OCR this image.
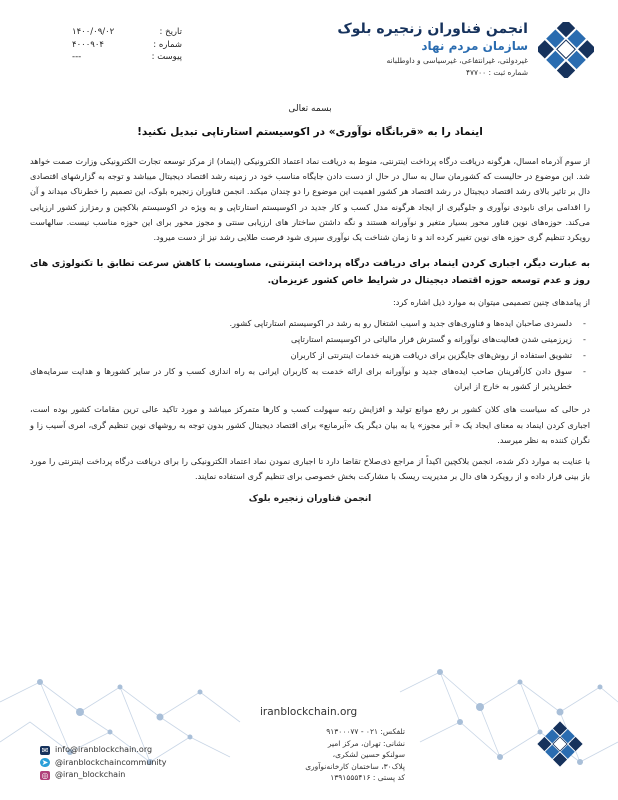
انجمن فناوران زنجیره بلوک
سازمان مردم نهاد
غیردولتی، غیرانتفاعی، غیرسیاسی و داوطلبانه
شماره ثبت : ۴۷۷۰۰
تاریخ :
۱۴۰۰/۰۹/۰۲
شماره :
۴۰۰۰۹۰۴
پیوست :
---
بسمه تعالی
اینماد را به «قربانگاه نوآوری» در اکوسیستم استارتاپی تبدیل نکنید!

از سوم آذرماه امسال، هرگونه دریافت درگاه پرداخت اینترنتی، منوط به دریافت نماد اعتماد الکترونیکی (اینماد) از مرکز توسعه تجارت الکترونیکی وزارت صمت خواهد شد. این موضوع در حالیست که کشورمان سال به سال در حال از دست دادن جایگاه مناسب خود در زمینه رشد اقتصاد دیجیتال میباشد و توجه به گزارشهای اقتصادی دال بر تاثیر بالای رشد اقتصاد دیجیتال در رشد اقتصاد هر کشور اهمیت این موضوع را دو چندان میکند. انجمن فناوران زنجیره بلوک، این تصمیم را خطرناک میداند و آن را اقدامی برای نابودی نوآوری و جلوگیری از ایجاد هرگونه مدل کسب و کار جدید در اکوسیستم استارتاپی و به ویژه در اکوسیستم بلاکچین و رمزارز کشور ارزیابی می‌کند. حوزه‌های نوین فناور محور بسیار متغیر و نوآورانه هستند و نگه داشتن ساختار های ارزیابی سنتی و مجوز محور برای این حوزه مناسب نیست. سالهاست رویکرد تنظیم گری حوزه های نوین تغییر کرده اند و تا زمان شناخت یک نوآوری سپری شود فرصت طلایی رشد نیز از دست میرود.

به عبارت دیگر، اجباری کردن اینماد برای دریافت درگاه پرداخت اینترنتی، مساویست با کاهش سرعت تطابق با تکنولوژی های روز و عدم توسعه حوزه اقتصاد دیجیتال در شرایط خاص کشور عزیزمان.

از پیامدهای چنین تصمیمی میتوان به موارد ذیل اشاره کرد:

-
دلسردی صاحبان ایده‌ها و فناوری‌های جدید و اسیب اشتغال رو به رشد در اکوسیستم استارتاپی کشور.
-
زیرزمینی شدن فعالیت‌های نوآورانه و گسترش فرار مالیاتی در اکوسیستم استارتاپی
-
تشویق استفاده از روش‌های جایگزین برای دریافت هزینه خدمات اینترنتی از کاربران
-
سوق دادن کارآفرینان صاحب ایده‌های جدید و نوآورانه برای ارائه خدمت به کاربران ایرانی به راه اندازی کسب و کار در سایر کشورها و هدایت سرمایه‌های خطرپذیر از کشور به خارج از ایران

در حالی که سیاست های کلان کشور بر رفع موانع تولید و افزایش رتبه سهولت کسب و کارها متمرکز میباشد و مورد تاکید عالی ترین مقامات کشور بوده است، اجباری کردن اینماد به معنای ایجاد یک « اَبر مجوز» یا به بیان دیگر یک «اَبرمانع» برای اقتصاد دیجیتال کشور بدون توجه به روشهای نوین تنظیم گری، امری آسیب زا و نگران کننده به نظر میرسد.

با عنایت به موارد ذکر شده، انجمن بلاکچین اکیداً از مراجع ذی‌صلاح تقاضا دارد تا اجباری نمودن نماد اعتماد الکترونیکی را برای دریافت درگاه پرداخت اینترنتی را مورد باز بینی قرار داده و از رویکرد های دال بر مدیریت ریسک با مشارکت بخش خصوصی برای تنظیم گری استفاده نمایند.

انجمن فناوران زنجیره بلوک
iranblockchain.org
تلفکس: ۰۲۱ - ۹۱۳۰۰۰۷۷
نشانی: تهران، مرکز امیر
سولنکو حسین لشکری،
پلاک۳۰، ساختمان کارخانه‌نوآوری
کد پستی : ۱۳۹۱۵۵۵۴۱۶
✉ info@iranblockchain.org
➤ @iranblockchaincommunity
◎ @iran_blockchain
